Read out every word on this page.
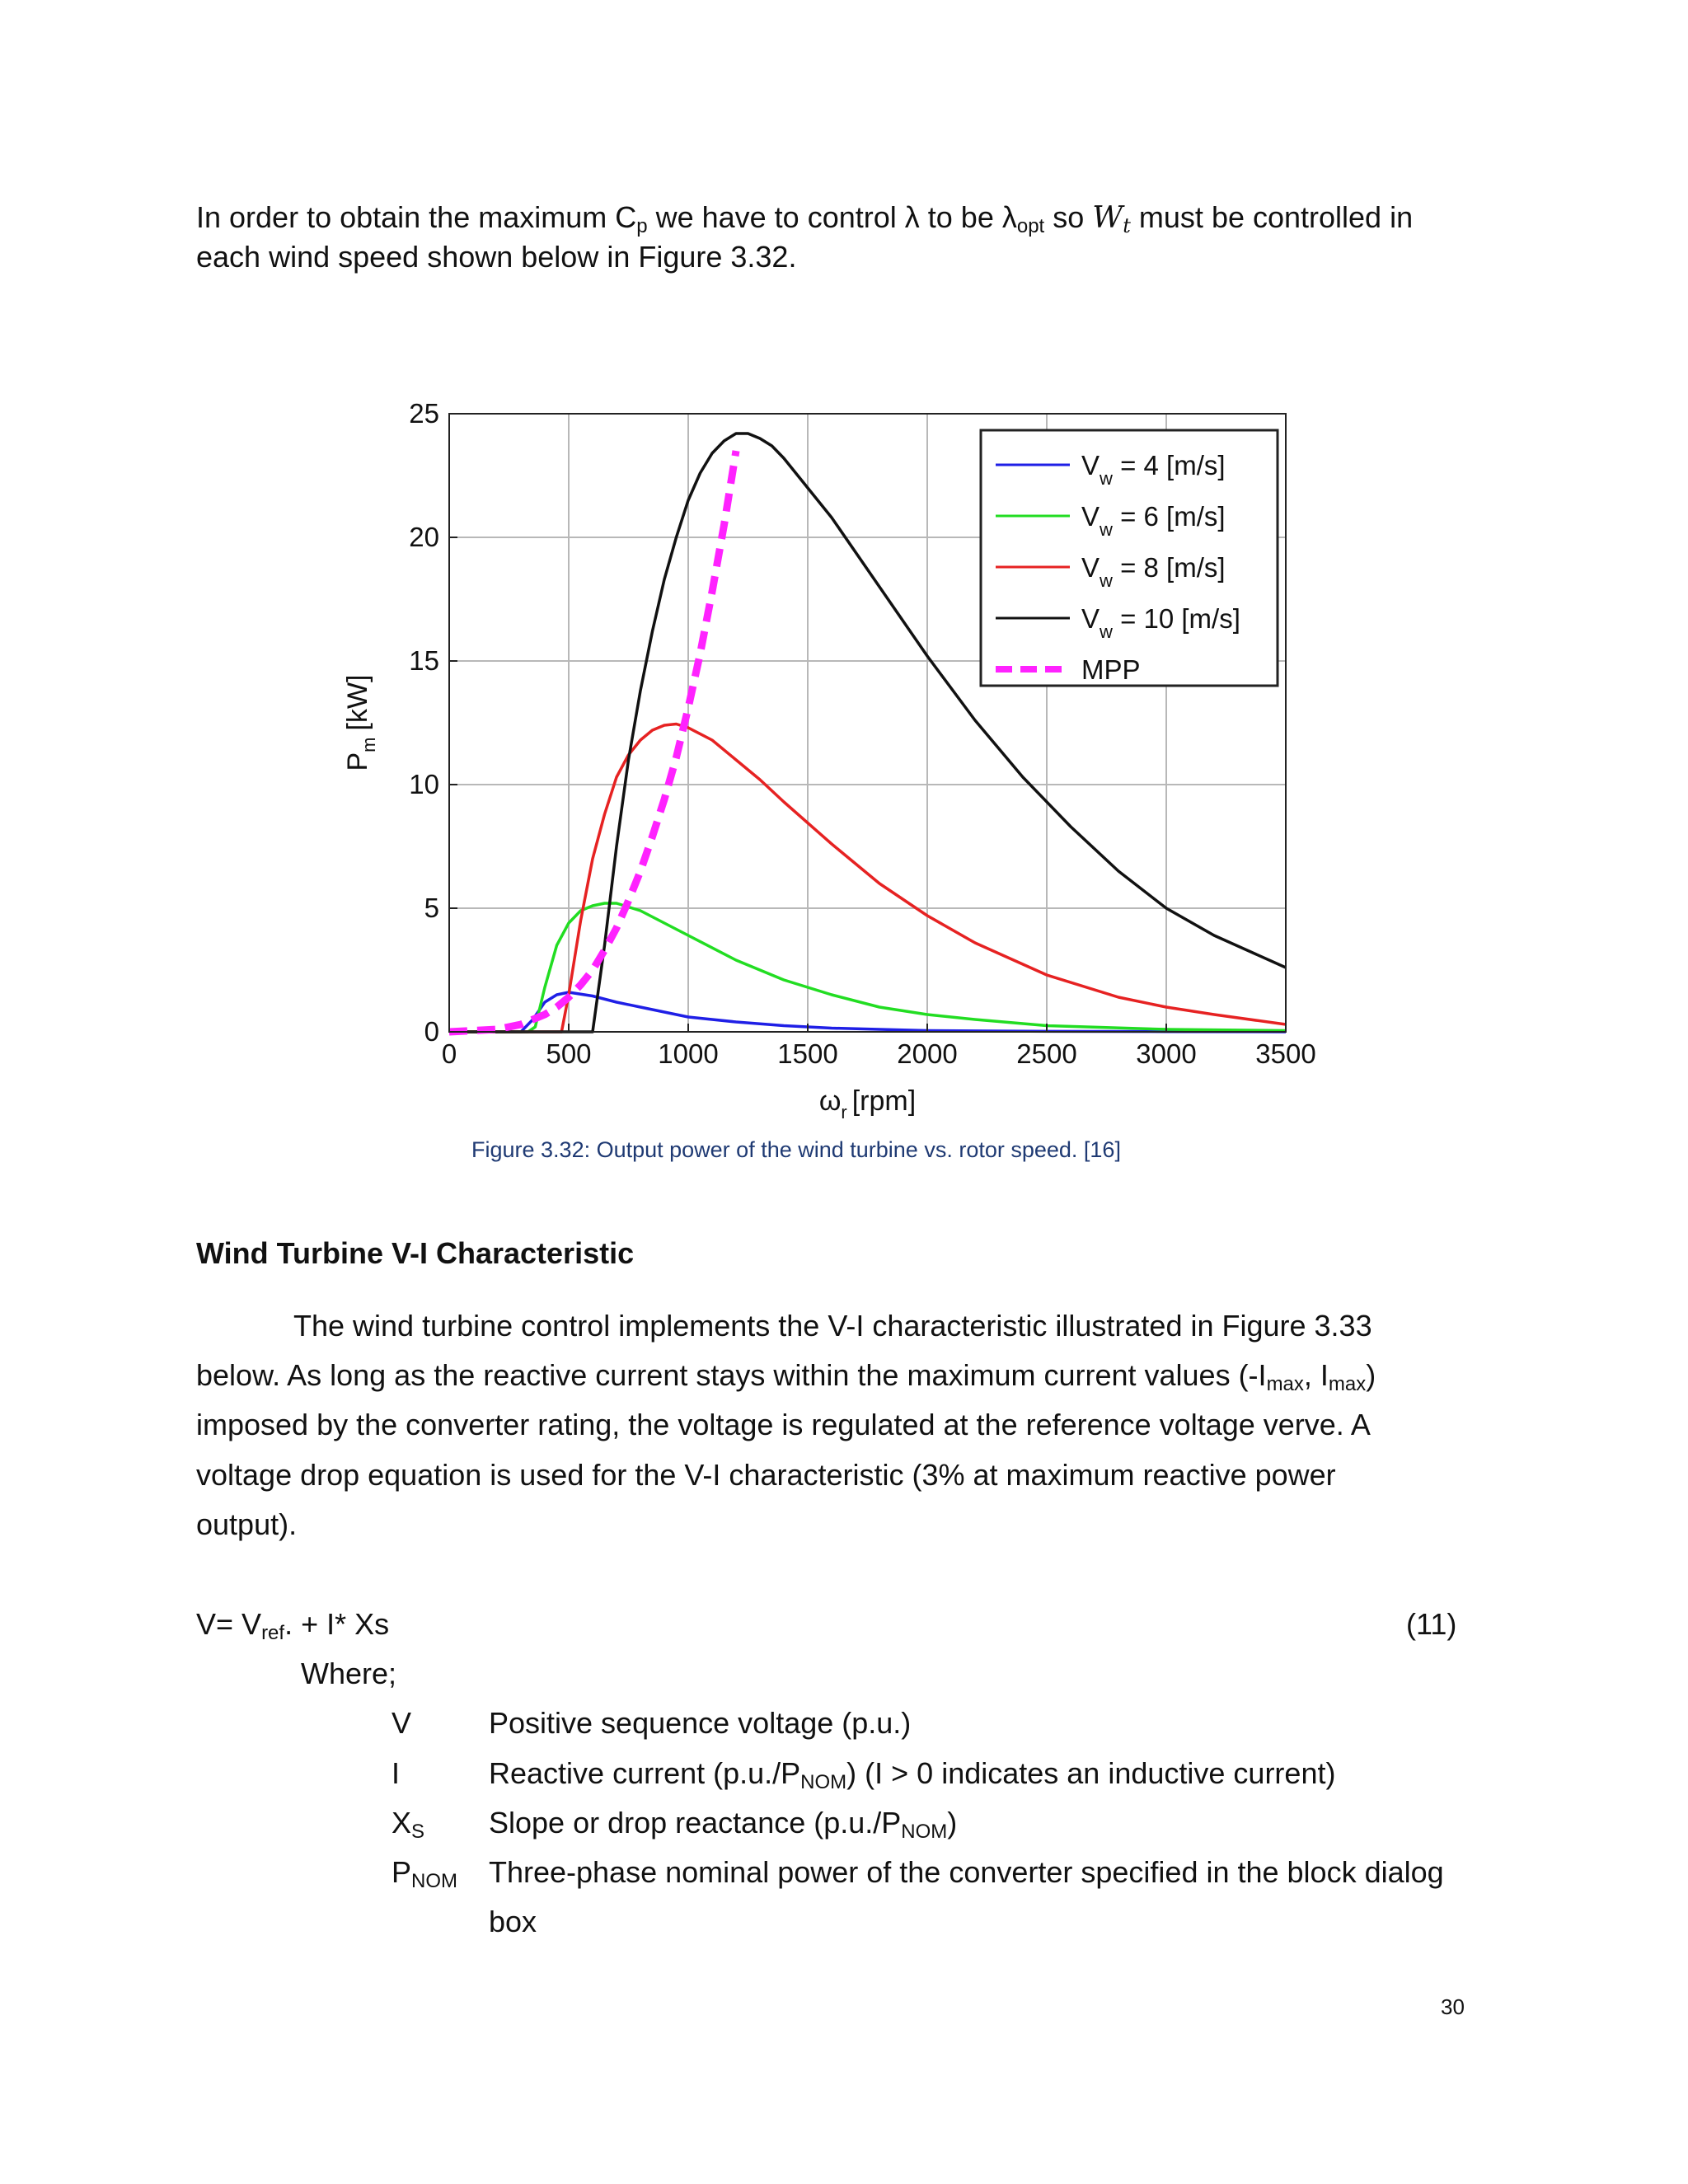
In order to obtain the maximum $C_p$ we have to control λ to be $\lambda_{opt}$ so $W_t$ must be controlled in
each wind speed shown below in Figure 3.32.
0	500 1000 1500 2000 2500 3000 3500
0
5
10
15
20
25
$V_w = 4$ [m/s]
$V_w = 6$ [m/s]
$V_w = 8$ [m/s]
$V_w = 10$ [m/s]
MPP
$\omega_r$ [rpm]
$P_m[kW]$
Figure 3.32: Output power of the wind turbine vs. rotor speed. [16]
Wind Turbine V-I Characteristic
The wind turbine control implements the V-I characteristic illustrated in Figure 3.33
below. As long as the reactive current stays within the maximum current values ($-I_{max}$, $I_{max}$)
imposed by the converter rating, the voltage is regulated at the reference voltage verve. A
voltage drop equation is used for the V-I characteristic (3% at maximum reactive power
output).
$V= V_{ref}$. + I* Xs	(11)
Where;
V	Positive sequence voltage (p.u.)
I	Reactive current $(p.u./P_{NOM}) (I > 0$ indicates an inductive current)
$X_S$ Slope or drop reactance $(p.u./P_{NOM})$
$P_{NOM}$ Three-phase nominal power of the converter specified in the block dialog
box
30
